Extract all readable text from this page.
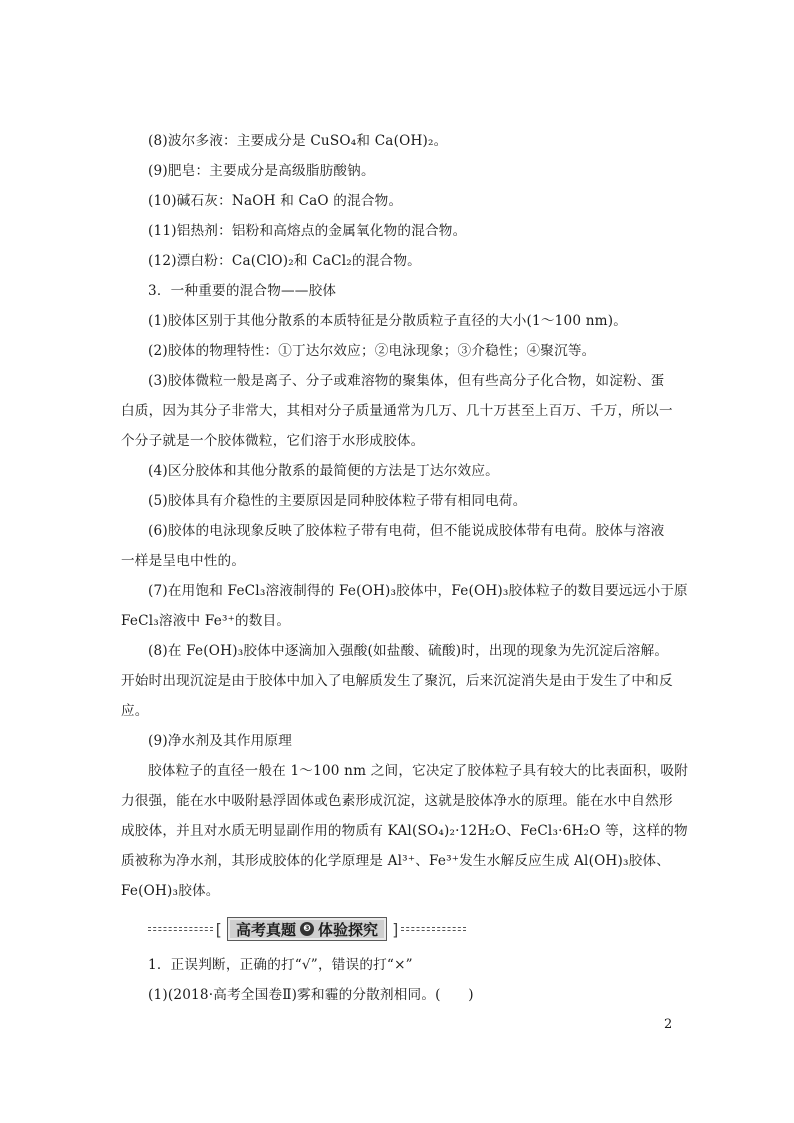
(8)波尔多液：主要成分是 CuSO₄和 Ca(OH)₂。
(9)肥皂：主要成分是高级脂肪酸钠。
(10)碱石灰：NaOH 和 CaO 的混合物。
(11)铝热剂：铝粉和高熔点的金属氧化物的混合物。
(12)漂白粉：Ca(ClO)₂和 CaCl₂的混合物。
3．一种重要的混合物——胶体
(1)胶体区别于其他分散系的本质特征是分散质粒子直径的大小(1～100 nm)。
(2)胶体的物理特性：①丁达尔效应；②电泳现象；③介稳性；④聚沉等。
(3)胶体微粒一般是离子、分子或难溶物的聚集体，但有些高分子化合物，如淀粉、蛋
白质，因为其分子非常大，其相对分子质量通常为几万、几十万甚至上百万、千万，所以一
个分子就是一个胶体微粒，它们溶于水形成胶体。
(4)区分胶体和其他分散系的最简便的方法是丁达尔效应。
(5)胶体具有介稳性的主要原因是同种胶体粒子带有相同电荷。
(6)胶体的电泳现象反映了胶体粒子带有电荷，但不能说成胶体带有电荷。胶体与溶液
一样是呈电中性的。
(7)在用饱和 FeCl₃溶液制得的 Fe(OH)₃胶体中，Fe(OH)₃胶体粒子的数目要远远小于原
FeCl₃溶液中 Fe³⁺的数目。
(8)在 Fe(OH)₃胶体中逐滴加入强酸(如盐酸、硫酸)时，出现的现象为先沉淀后溶解。
开始时出现沉淀是由于胶体中加入了电解质发生了聚沉，后来沉淀消失是由于发生了中和反
应。
(9)净水剂及其作用原理
胶体粒子的直径一般在 1～100 nm 之间，它决定了胶体粒子具有较大的比表面积，吸附
力很强，能在水中吸附悬浮固体或色素形成沉淀，这就是胶体净水的原理。能在水中自然形
成胶体，并且对水质无明显副作用的物质有 KAl(SO₄)₂·12H₂O、FeCl₃·6H₂O 等，这样的物
质被称为净水剂，其形成胶体的化学原理是 Al³⁺、Fe³⁺发生水解反应生成 Al(OH)₃胶体、
Fe(OH)₃胶体。
[ 高考真题 ❸ 体验探究 ]
1．正误判断，正确的打“√”，错误的打“×”
(1)(2018·高考全国卷Ⅱ)雾和霾的分散剂相同。(　　)
2
